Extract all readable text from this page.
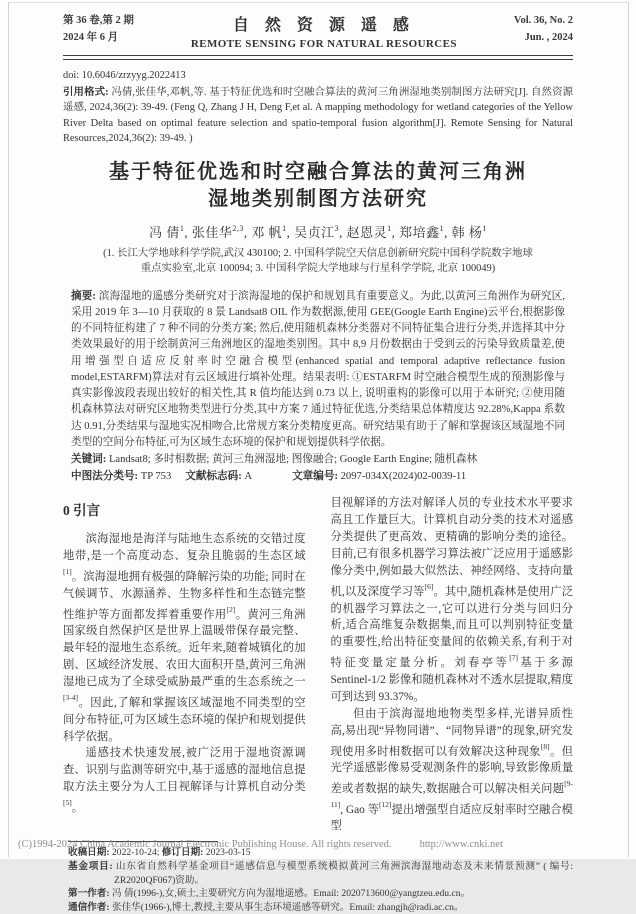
第 36 卷,第 2 期
2024 年 6 月
自 然 资 源 遥 感
REMOTE SENSING FOR NATURAL RESOURCES
Vol. 36, No. 2
Jun. , 2024
doi: 10.6046/zrzyyg.2022413
引用格式: 冯倩,张佳华,邓帆,等. 基于特征优选和时空融合算法的黄河三角洲湿地类别制图方法研究[J]. 自然资源遥感, 2024,36(2): 39-49. (Feng Q, Zhang J H, Deng F,et al. A mapping methodology for wetland categories of the Yellow River Delta based on optimal feature selection and spatio-temporal fusion algorithm[J]. Remote Sensing for Natural Resources,2024,36(2): 39-49. )
基于特征优选和时空融合算法的黄河三角洲
湿地类别制图方法研究
冯 倩$^1$, 张佳华$^{2,3}$, 邓 帆$^1$, 吴贞江$^3$, 赵恩灵$^1$, 郑培鑫$^1$, 韩 杨$^1$
(1. 长江大学地球科学学院,武汉 430100; 2. 中国科学院空天信息创新研究院中国科学院数字地球
重点实验室,北京 100094; 3. 中国科学院大学地球与行星科学学院, 北京 100049)
摘要: 滨海湿地的遥感分类研究对于滨海湿地的保护和规划具有重要意义。为此,以黄河三角洲作为研究区,采用 2019 年 3—10 月获取的 8 景 Landsat8 OIL 作为数据源,使用 GEE(Google Earth Engine)云平台,根据影像的不同特征构建了 7 种不同的分类方案; 然后,使用随机森林分类器对不同特征集合进行分类,并选择其中分类效果最好的用于绘制黄河三角洲地区的湿地类别图。其中 8,9 月份数据由于受到云的污染导致质量差,使用增强型自适应反射率时空融合模型(enhanced spatial and temporal adaptive reflectance fusion model,ESTARFM)算法对有云区域进行填补处理。结果表明: ①ESTARFM 时空融合模型生成的预测影像与真实影像波段表现出较好的相关性,其 R 值均能达到 0.73 以上, 说明重构的影像可以用于本研究; ②使用随机森林算法对研究区地物类型进行分类,其中方案 7 通过特征优选,分类结果总体精度达 92.28%,Kappa 系数达 0.91,分类结果与湿地实况相吻合,比常规方案分类精度更高。研究结果有助于了解和掌握该区域湿地不同类型的空间分布特征,可为区域生态环境的保护和规划提供科学依据。
关键词: Landsat8; 多时相数据; 黄河三角洲湿地; 图像融合; Google Earth Engine; 随机森林
中图法分类号: TP 753 文献标志码: A	文章编号: 2097-034X(2024)02-0039-11
0 引言

滨海湿地是海洋与陆地生态系统的交错过度地带,是一个高度动态、复杂且脆弱的生态区域[1]。滨海湿地拥有极强的降解污染的功能; 同时在气候调节、水源涵养、生物多样性和生态链完整性维护等方面都发挥着重要作用[2]。黄河三角洲国家级自然保护区是世界上温暖带保存最完整、最年轻的湿地生态系统。近年来,随着城镇化的加剧、区域经济发展、农田大面积开垦,黄河三角洲湿地已成为了全球受威胁最严重的生态系统之一[3-4]。因此,了解和掌握该区域湿地不同类型的空间分布特征,可为区域生态环境的保护和规划提供科学依据。

遥感技术快速发展,被广泛用于湿地资源调查、识别与监测等研究中,基于遥感的湿地信息提取方法主要分为人工目视解译与计算机自动分类[5]。

目视解译的方法对解译人员的专业技术水平要求高且工作量巨大。计算机自动分类的技术对遥感分类提供了更高效、更精确的影响分类的途径。目前,已有很多机器学习算法被广泛应用于遥感影像分类中,例如最大似然法、神经网络、支持向量机,以及深度学习等[6]。其中,随机森林是使用广泛的机器学习算法之一,它可以进行分类与回归分析,适合高维复杂数据集,而且可以判别特征变量的重要性,给出特征变量间的依赖关系,有利于对特征变量定量分析。刘春亭等[7]基于多源 Sentinel-1/2 影像和随机森林对不透水层提取,精度可到达到 93.37%。

但由于滨海湿地地物类型多样,光谱异质性高,易出现“异物同谱”、“同物异谱”的现象,研究发现使用多时相数据可以有效解决这种现象[8]。但光学遥感影像易受观测条件的影响,导致影像质量差或者数据的缺失,数据融合可以解决相关问题[9-11], Gao 等[12]提出增强型自适应反射率时空融合模型

收稿日期: 2022-10-24; 修订日期: 2023-03-15
基金项目: 山东省自然科学基金项目“遥感信息与模型系统模拟黄河三角洲滨海湿地动态及未来情景预测” ( 编号: ZR2020QF067)资助。
第一作者: 冯 倩(1996-),女,硕士,主要研究方向为湿地遥感。Email: 2020713600@yangtzeu.edu.cn。
通信作者: 张佳华(1966-),博士,教授,主要从事生态环境遥感等研究。Email: zhangjh@radi.ac.cn。
(C)1994-2024 China Academic Journal Electronic Publishing House. All rights reserved.	http://www.cnki.net
